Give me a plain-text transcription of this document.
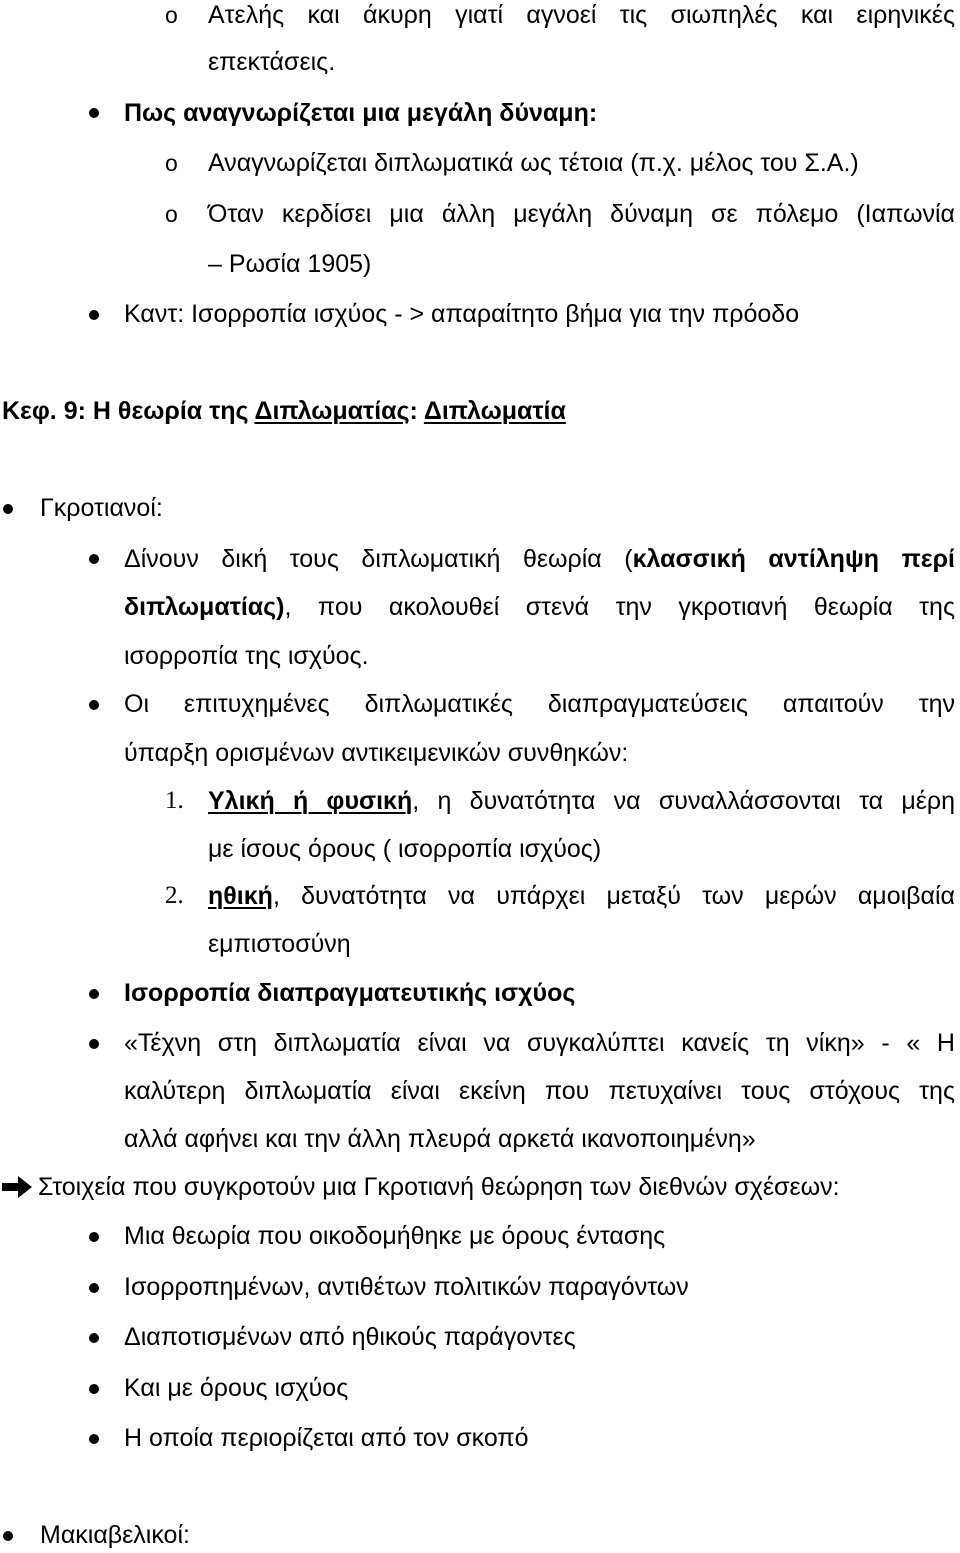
o Ατελής και άκυρη γιατί αγνοεί τις σιωπηλές και ειρηνικές
επεκτάσεις.
Πως αναγνωρίζεται μια μεγάλη δύναμη:
o Αναγνωρίζεται διπλωματικά ως τέτοια (π.χ. μέλος του Σ.Α.)
o Όταν κερδίσει μια άλλη μεγάλη δύναμη σε πόλεμο (Ιαπωνία
– Ρωσία 1905)
Καντ: Ισορροπία ισχύος - > απαραίτητο βήμα για την πρόοδο
Κεφ. 9: Η θεωρία της Διπλωματίας: Διπλωματία
Γκροτιανοί:
Δίνουν δική τους διπλωματική θεωρία (κλασσική αντίληψη περί
διπλωματίας), που ακολουθεί στενά την γκροτιανή θεωρία της
ισορροπία της ισχύος.
Οι επιτυχημένες διπλωματικές διαπραγματεύσεις απαιτούν την
ύπαρξη ορισμένων αντικειμενικών συνθηκών:
1. Υλική ή φυσική, η δυνατότητα να συναλλάσσονται τα μέρη
με ίσους όρους ( ισορροπία ισχύος)
2. ηθική, δυνατότητα να υπάρχει μεταξύ των μερών αμοιβαία
εμπιστοσύνη
Ισορροπία διαπραγματευτικής ισχύος
«Τέχνη στη διπλωματία είναι να συγκαλύπτει κανείς τη νίκη» - « Η
καλύτερη διπλωματία είναι εκείνη που πετυχαίνει τους στόχους της
αλλά αφήνει και την άλλη πλευρά αρκετά ικανοποιημένη»
Στοιχεία που συγκροτούν μια Γκροτιανή θεώρηση των διεθνών σχέσεων:
Μια θεωρία που οικοδομήθηκε με όρους έντασης
Ισορροπημένων, αντιθέτων πολιτικών παραγόντων
Διαποτισμένων από ηθικούς παράγοντες
Και με όρους ισχύος
Η οποία περιορίζεται από τον σκοπό
Μακιαβελικοί:
